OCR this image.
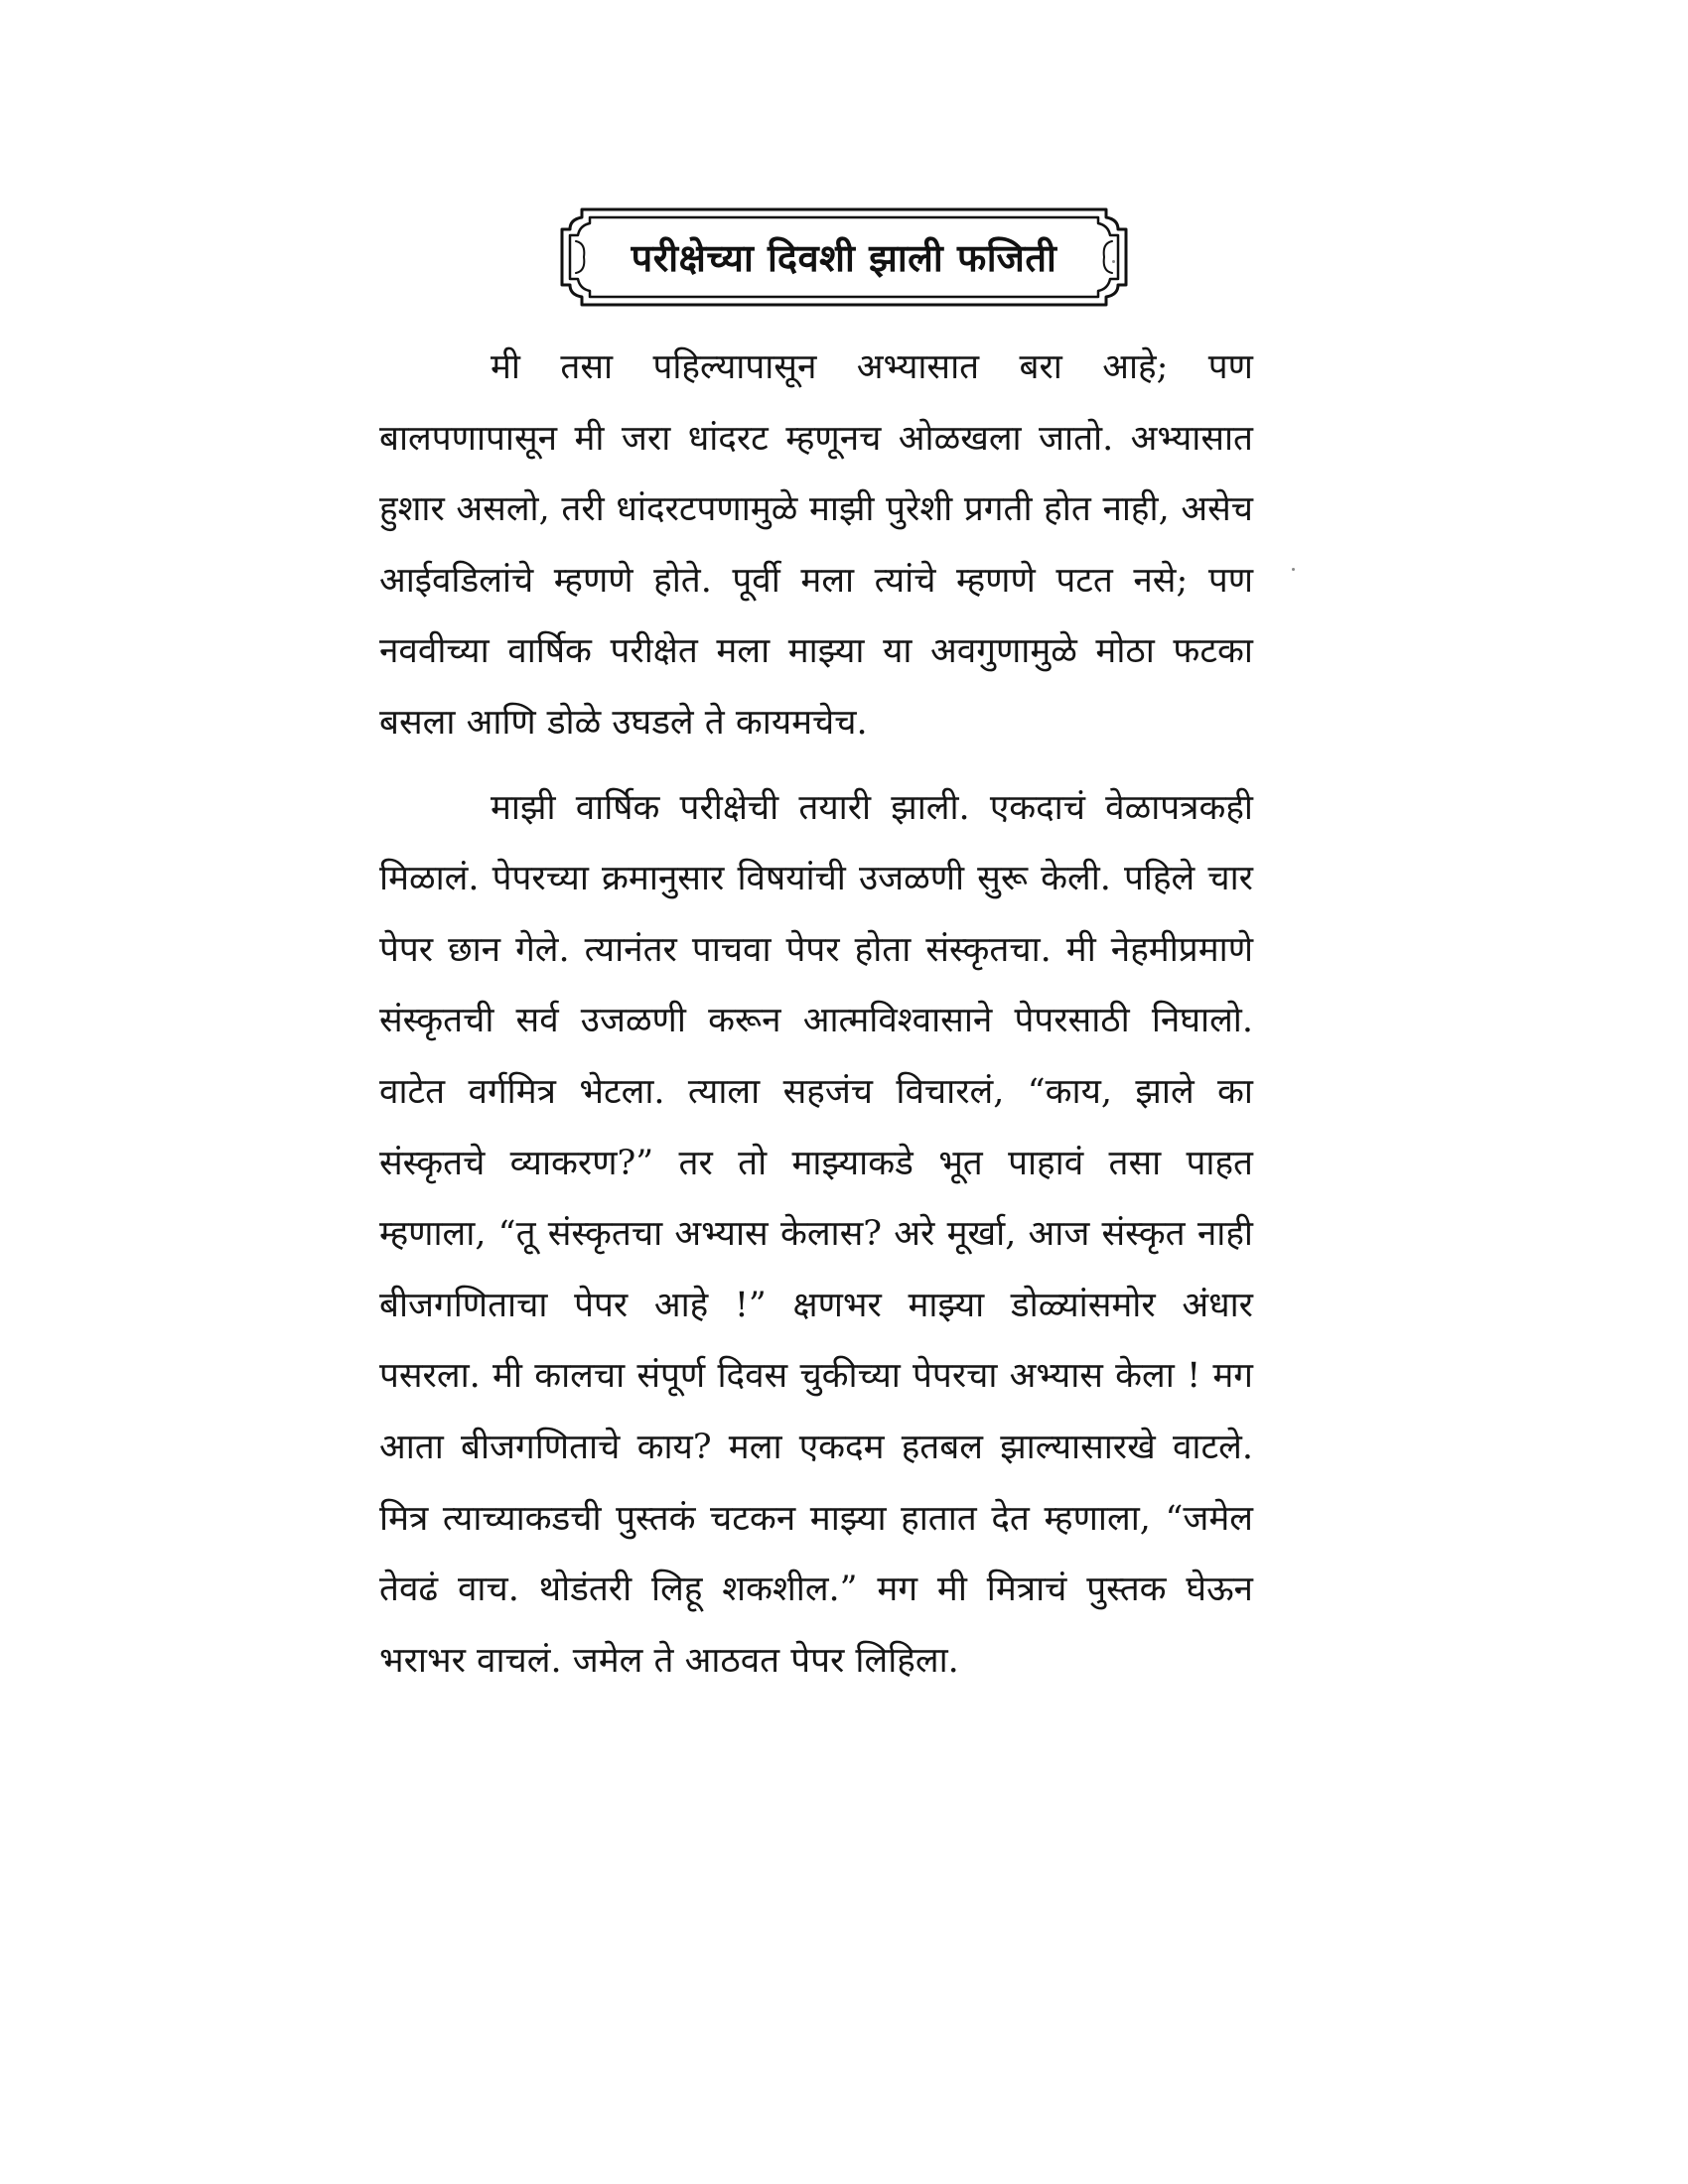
परीक्षेच्या दिवशी झाली फजिती

मी तसा पहिल्यापासून अभ्यासात बरा आहे; पण बालपणापासून मी जरा धांदरट म्हणूनच ओळखला जातो. अभ्यासात हुशार असलो, तरी धांदरटपणामुळे माझी पुरेशी प्रगती होत नाही, असेच आईवडिलांचे म्हणणे होते. पूर्वी मला त्यांचे म्हणणे पटत नसे; पण नववीच्या वार्षिक परीक्षेत मला माझ्या या अवगुणामुळे मोठा फटका बसला आणि डोळे उघडले ते कायमचेच.

माझी वार्षिक परीक्षेची तयारी झाली. एकदाचं वेळापत्रकही मिळालं. पेपरच्या क्रमानुसार विषयांची उजळणी सुरू केली. पहिले चार पेपर छान गेले. त्यानंतर पाचवा पेपर होता संस्कृतचा. मी नेहमीप्रमाणे संस्कृतची सर्व उजळणी करून आत्मविश्वासाने पेपरसाठी निघालो. वाटेत वर्गमित्र भेटला. त्याला सहजंच विचारलं, “काय, झाले का संस्कृतचे व्याकरण?” तर तो माझ्याकडे भूत पाहावं तसा पाहत म्हणाला, “तू संस्कृतचा अभ्यास केलास? अरे मूर्खा, आज संस्कृत नाही बीजगणिताचा पेपर आहे !” क्षणभर माझ्या डोळ्यांसमोर अंधार पसरला. मी कालचा संपूर्ण दिवस चुकीच्या पेपरचा अभ्यास केला ! मग आता बीजगणिताचे काय? मला एकदम हतबल झाल्यासारखे वाटले. मित्र त्याच्याकडची पुस्तकं चटकन माझ्या हातात देत म्हणाला, “जमेल तेवढं वाच. थोडंतरी लिहू शकशील.” मग मी मित्राचं पुस्तक घेऊन भराभर वाचलं. जमेल ते आठवत पेपर लिहिला.
